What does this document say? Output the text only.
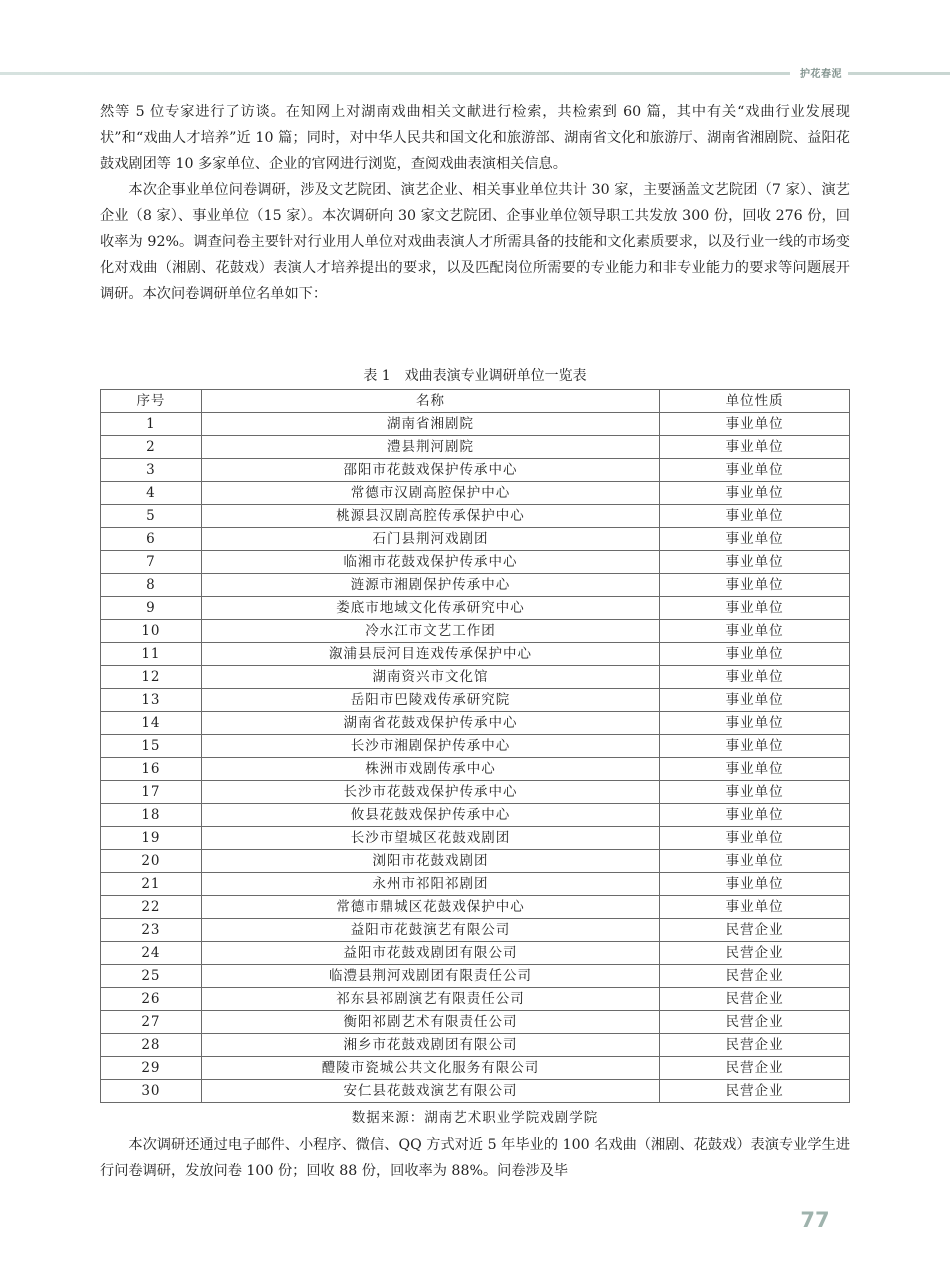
护花春泥

然等 5 位专家进行了访谈。在知网上对湖南戏曲相关文献进行检索，共检索到 60 篇，其中有关“戏曲行业发展现状”和“戏曲人才培养”近 10 篇；同时，对中华人民共和国文化和旅游部、湖南省文化和旅游厅、湖南省湘剧院、益阳花鼓戏剧团等 10 多家单位、企业的官网进行浏览，查阅戏曲表演相关信息。

本次企事业单位问卷调研，涉及文艺院团、演艺企业、相关事业单位共计 30 家，主要涵盖文艺院团（7 家）、演艺企业（8 家）、事业单位（15 家）。本次调研向 30 家文艺院团、企事业单位领导职工共发放 300 份，回收 276 份，回收率为 92%。调查问卷主要针对行业用人单位对戏曲表演人才所需具备的技能和文化素质要求，以及行业一线的市场变化对戏曲（湘剧、花鼓戏）表演人才培养提出的要求，以及匹配岗位所需要的专业能力和非专业能力的要求等问题展开调研。本次问卷调研单位名单如下：

表 1　戏曲表演专业调研单位一览表
序号	名称	单位性质
1	湖南省湘剧院	事业单位
2	澧县荆河剧院	事业单位
3	邵阳市花鼓戏保护传承中心	事业单位
4	常德市汉剧高腔保护中心	事业单位
5	桃源县汉剧高腔传承保护中心	事业单位
6	石门县荆河戏剧团	事业单位
7	临湘市花鼓戏保护传承中心	事业单位
8	涟源市湘剧保护传承中心	事业单位
9	娄底市地域文化传承研究中心	事业单位
10	冷水江市文艺工作团	事业单位
11	溆浦县辰河目连戏传承保护中心	事业单位
12	湖南资兴市文化馆	事业单位
13	岳阳市巴陵戏传承研究院	事业单位
14	湖南省花鼓戏保护传承中心	事业单位
15	长沙市湘剧保护传承中心	事业单位
16	株洲市戏剧传承中心	事业单位
17	长沙市花鼓戏保护传承中心	事业单位
18	攸县花鼓戏保护传承中心	事业单位
19	长沙市望城区花鼓戏剧团	事业单位
20	浏阳市花鼓戏剧团	事业单位
21	永州市祁阳祁剧团	事业单位
22	常德市鼎城区花鼓戏保护中心	事业单位
23	益阳市花鼓演艺有限公司	民营企业
24	益阳市花鼓戏剧团有限公司	民营企业
25	临澧县荆河戏剧团有限责任公司	民营企业
26	祁东县祁剧演艺有限责任公司	民营企业
27	衡阳祁剧艺术有限责任公司	民营企业
28	湘乡市花鼓戏剧团有限公司	民营企业
29	醴陵市瓷城公共文化服务有限公司	民营企业
30	安仁县花鼓戏演艺有限公司	民营企业
数据来源：湖南艺术职业学院戏剧学院

本次调研还通过电子邮件、小程序、微信、QQ 方式对近 5 年毕业的 100 名戏曲（湘剧、花鼓戏）表演专业学生进行问卷调研，发放问卷 100 份；回收 88 份，回收率为 88%。问卷涉及毕

77
